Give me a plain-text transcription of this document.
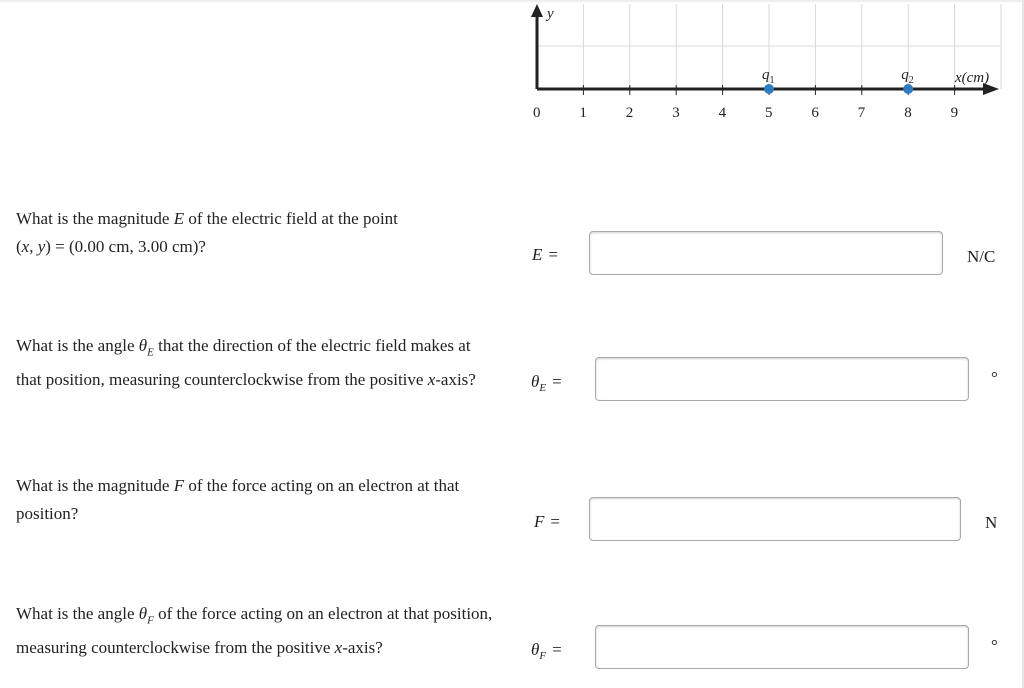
y
x(cm)
0	1	2	3	4	5	6	7	8	9
$q_1$	$q_2$
What is the magnitude E of the electric field at the point
(x, y) = (0.00 cm, 3.00 cm)?	E =	N/C
What is the angle $\theta_E$ that the direction of the electric field makes at that position, measuring counterclockwise from the positive x-axis?	$\theta_E$ =	°
What is the magnitude F of the force acting on an electron at that position?	F =	N
What is the angle $\theta_F$ of the force acting on an electron at that position, measuring counterclockwise from the positive x-axis?	$\theta_F$ =	°
